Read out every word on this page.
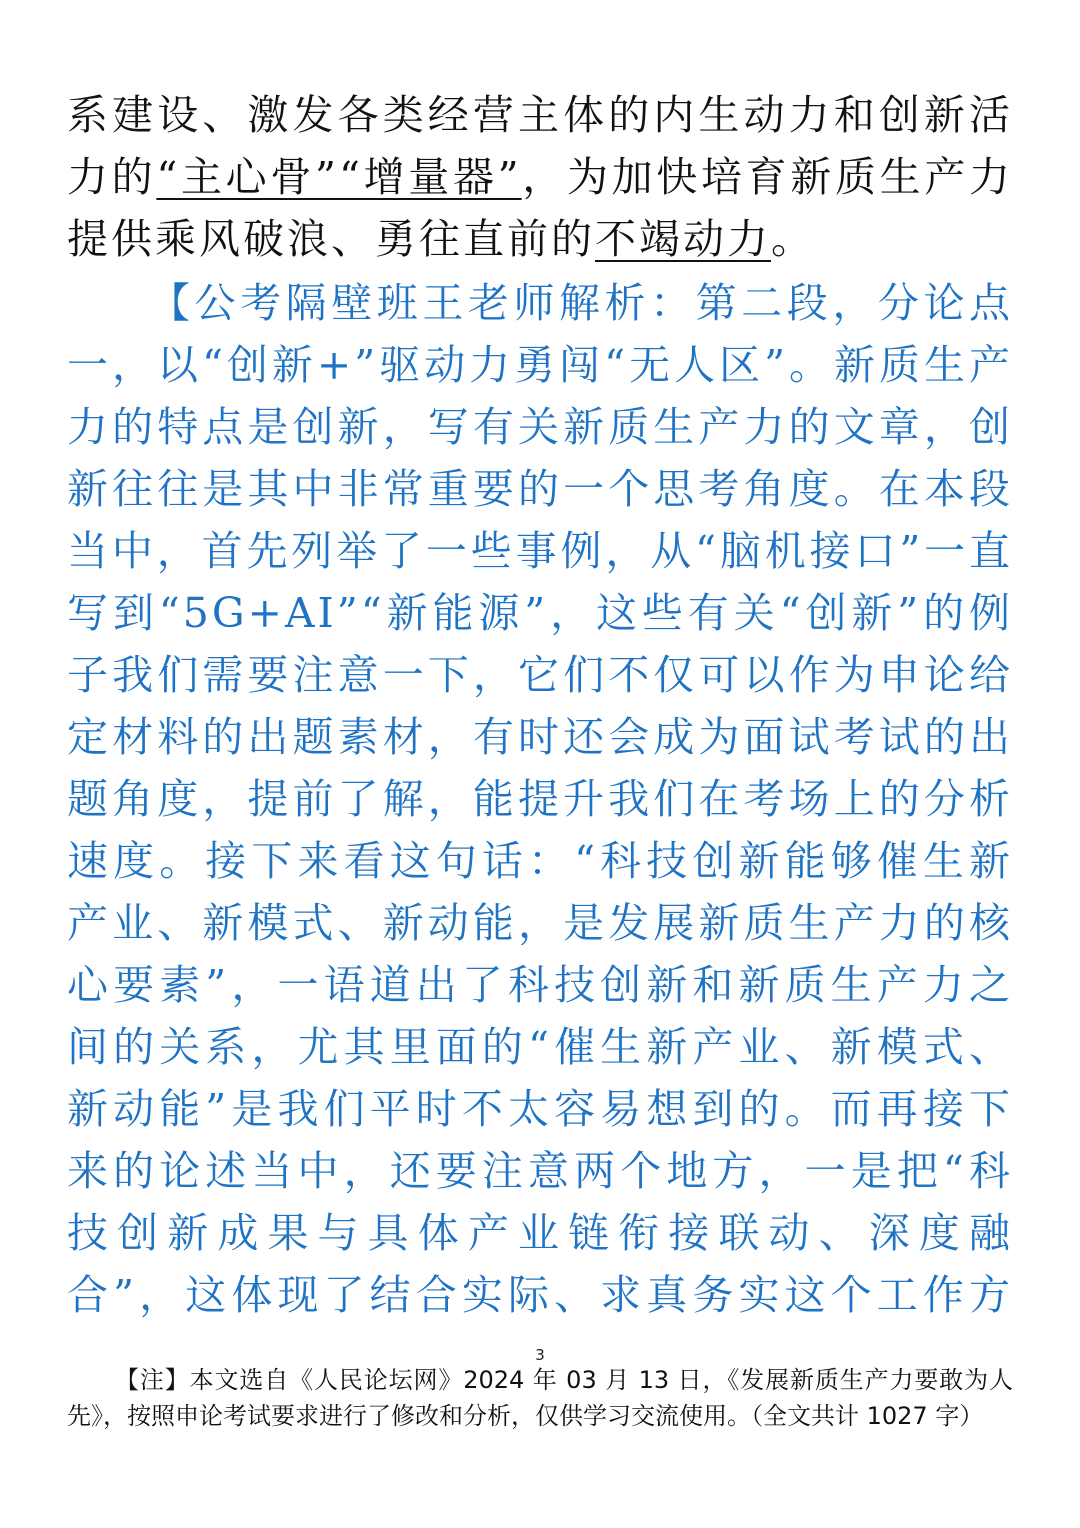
系建设、激发各类经营主体的内生动力和创新活力的“主心骨”“增量器”，为加快培育新质生产力提供乘风破浪、勇往直前的不竭动力。

【公考隔壁班王老师解析：第二段，分论点一，以“创新+”驱动力勇闯“无人区”。新质生产力的特点是创新，写有关新质生产力的文章，创新往往是其中非常重要的一个思考角度。在本段当中，首先列举了一些事例，从“脑机接口”一直写到“5G+AI”“新能源”，这些有关“创新”的例子我们需要注意一下，它们不仅可以作为申论给定材料的出题素材，有时还会成为面试考试的出题角度，提前了解，能提升我们在考场上的分析速度。接下来看这句话：“科技创新能够催生新产业、新模式、新动能，是发展新质生产力的核心要素”，一语道出了科技创新和新质生产力之间的关系，尤其里面的“催生新产业、新模式、新动能”是我们平时不太容易想到的。而再接下来的论述当中，还要注意两个地方，一是把“科技创新成果与具体产业链衔接联动、深度融合”，这体现了结合实际、求真务实这个工作方

3

【注】本文选自《人民论坛网》2024 年 03 月 13 日，《发展新质生产力要敢为人先》，按照申论考试要求进行了修改和分析，仅供学习交流使用。（全文共计 1027 字）
